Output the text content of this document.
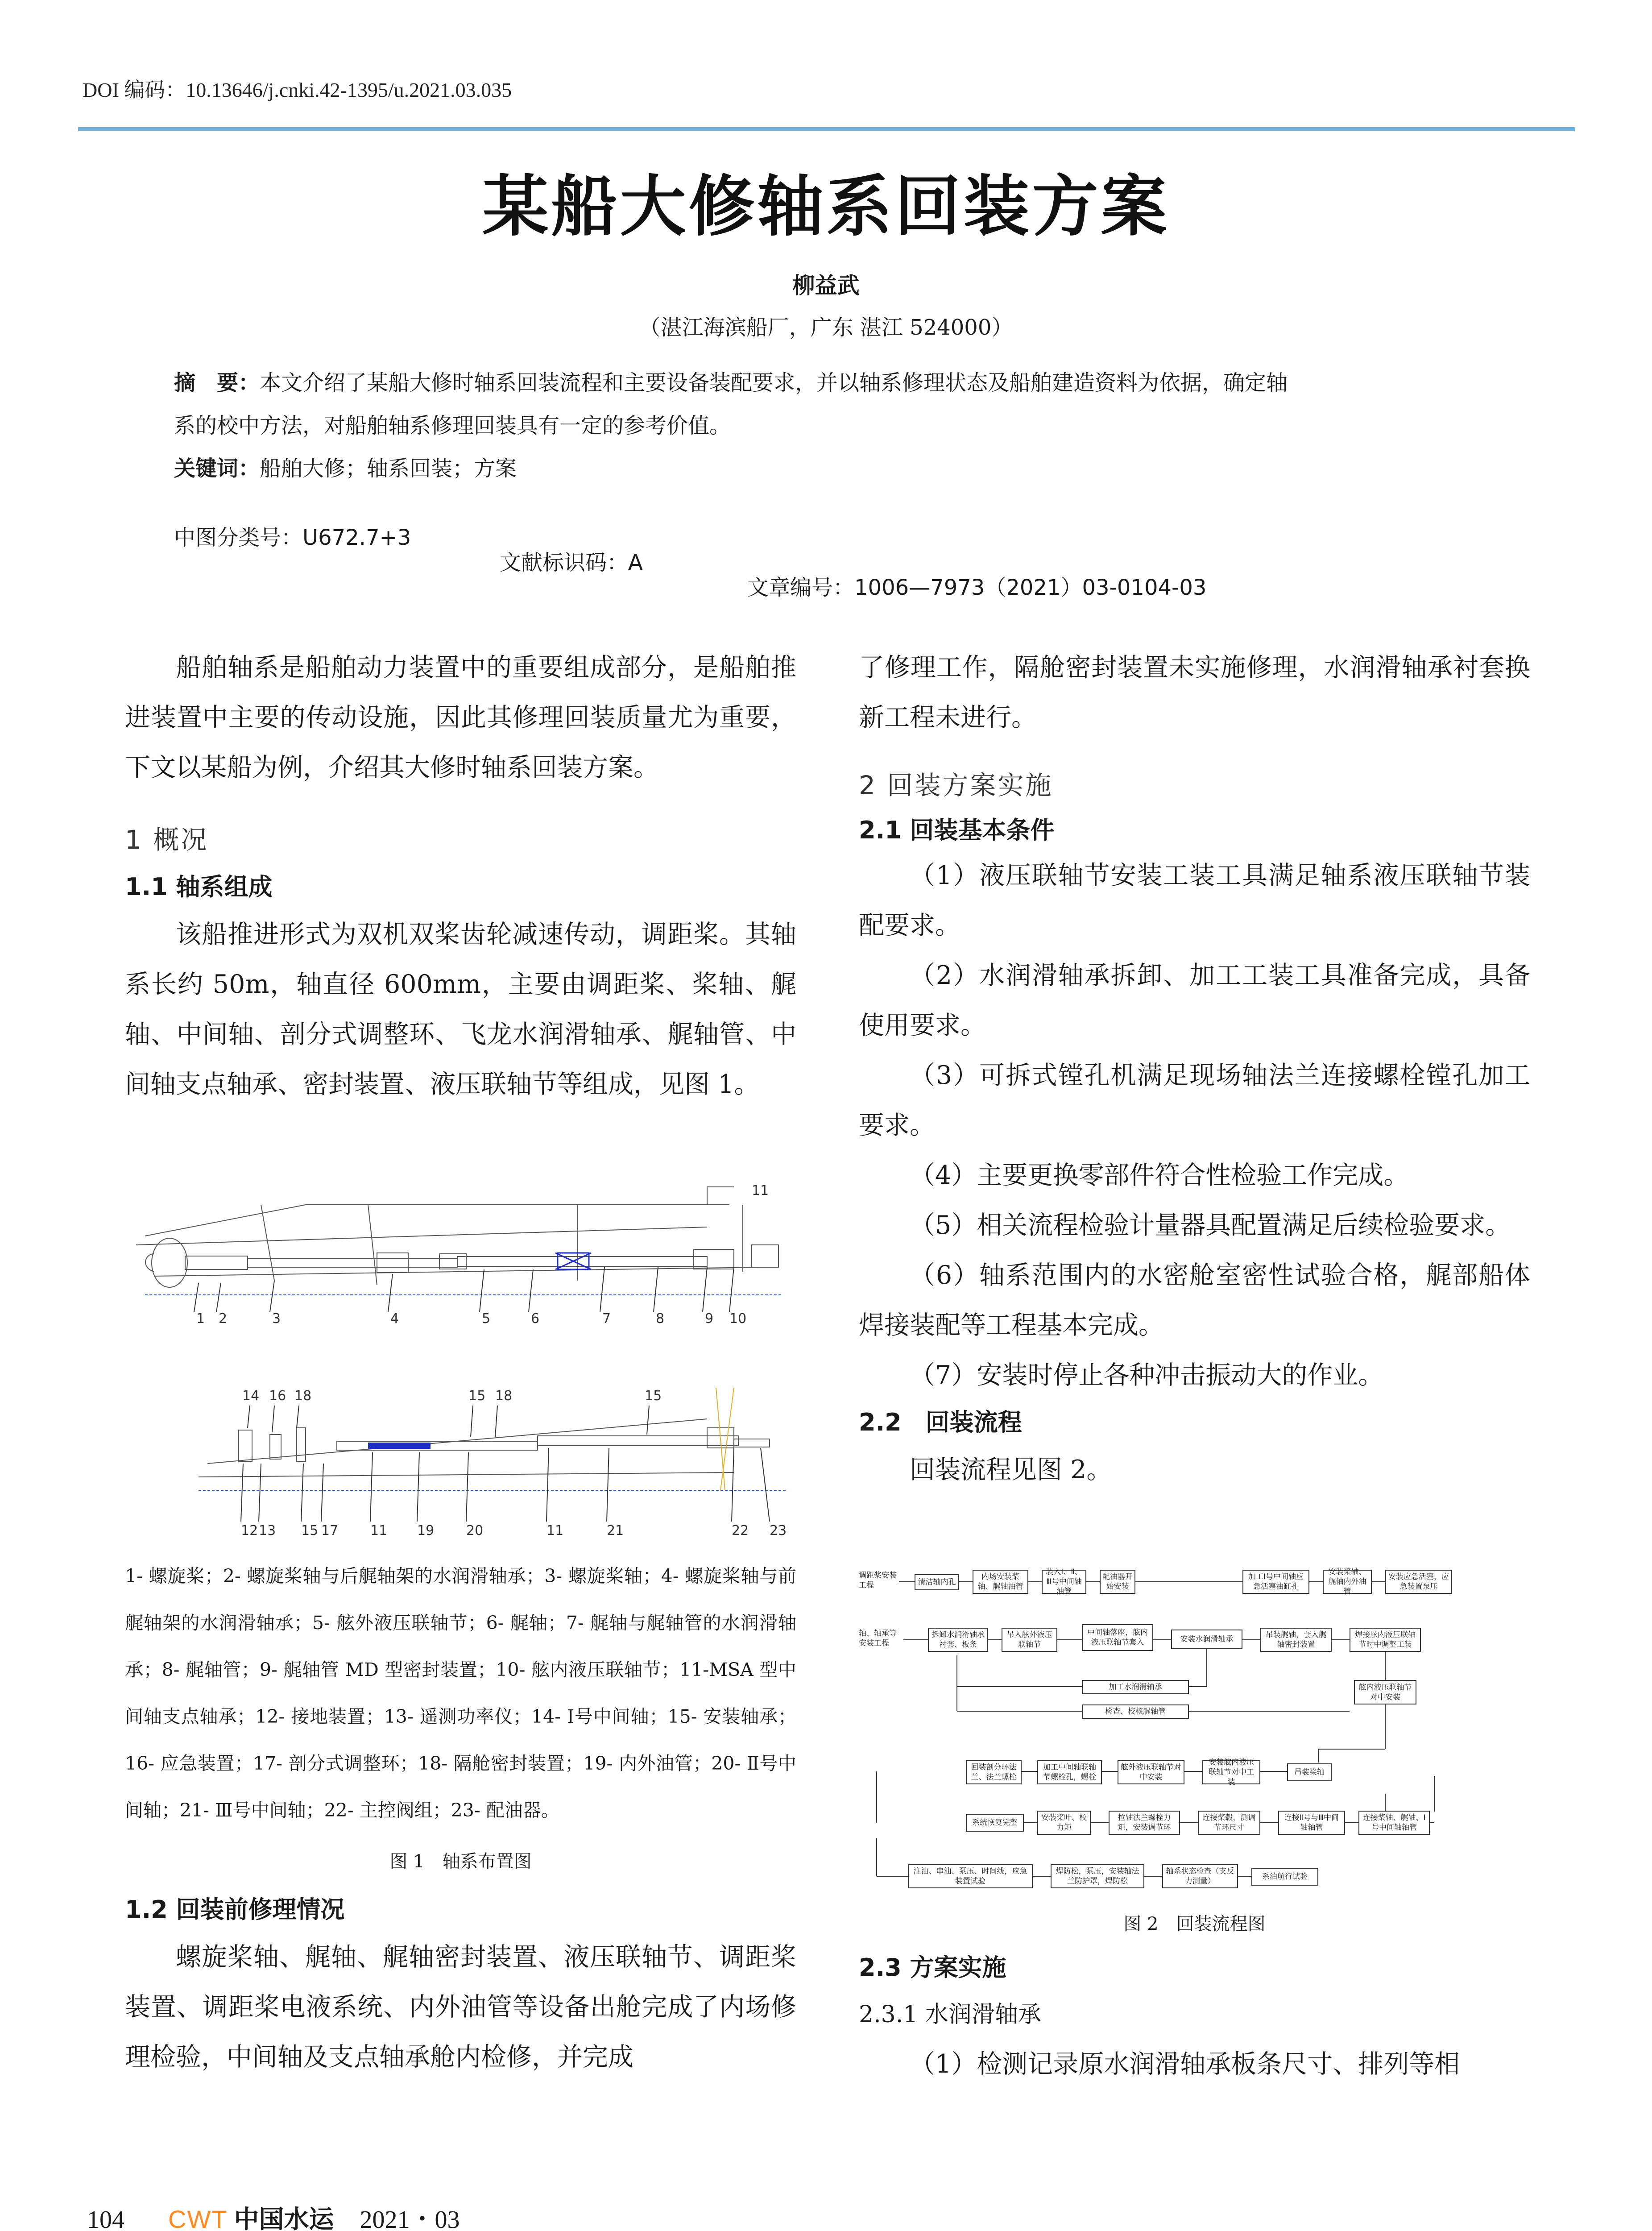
DOI 编码：10.13646/j.cnki.42-1395/u.2021.03.035
某船大修轴系回装方案
柳益武
（湛江海滨船厂，广东 湛江 524000）
摘　要：本文介绍了某船大修时轴系回装流程和主要设备装配要求，并以轴系修理状态及船舶建造资料为依据，确定轴
系的校中方法，对船舶轴系修理回装具有一定的参考价值。
关键词：船舶大修；轴系回装；方案

中图分类号：U672.7+3

文献标识码：A

文章编号：1006—7973（2021）03-0104-03

船舶轴系是船舶动力装置中的重要组成部分，是船舶推进装置中主要的传动设施，因此其修理回装质量尤为重要，下文以某船为例，介绍其大修时轴系回装方案。

1 概况
1.1 轴系组成

该船推进形式为双机双桨齿轮减速传动，调距桨。其轴系长约 50m，轴直径 600mm，主要由调距桨、桨轴、艉轴、中间轴、剖分式调整环、飞龙水润滑轴承、艉轴管、中间轴支点轴承、密封装置、液压联轴节等组成，见图 1。

1 2	3	4	5	6	7	8	9 10
11
14 16 18	15 18	15
12 13 15 17 11 19 20	11	21	22 23
1- 螺旋桨；2- 螺旋桨轴与后艉轴架的水润滑轴承；3- 螺旋桨轴；4- 螺旋桨轴与前艉轴架的水润滑轴承；5- 舷外液压联轴节；6- 艉轴；7- 艉轴与艉轴管的水润滑轴承；8- 艉轴管；9- 艉轴管 MD 型密封装置；10- 舷内液压联轴节；11-MSA 型中间轴支点轴承；12- 接地装置；13- 遥测功率仪；14- Ⅰ号中间轴；15- 安装轴承；16- 应急装置；17- 剖分式调整环；18- 隔舱密封装置；19- 内外油管；20- Ⅱ号中间轴；21- Ⅲ号中间轴；22- 主控阀组；23- 配油器。
图 1　轴系布置图
1.2 回装前修理情况

螺旋桨轴、艉轴、艉轴密封装置、液压联轴节、调距桨装置、调距桨电液系统、内外油管等设备出舱完成了内场修理检验，中间轴及支点轴承舱内检修，并完成

了修理工作，隔舱密封装置未实施修理，水润滑轴承衬套换新工程未进行。

2 回装方案实施
2.1 回装基本条件

（1）液压联轴节安装工装工具满足轴系液压联轴节装配要求。

（2）水润滑轴承拆卸、加工工装工具准备完成，具备使用要求。

（3）可拆式镗孔机满足现场轴法兰连接螺栓镗孔加工要求。

（4）主要更换零部件符合性检验工作完成。

（5）相关流程检验计量器具配置满足后续检验要求。

（6）轴系范围内的水密舱室密性试验合格，艉部船体焊接装配等工程基本完成。

（7）安装时停止各种冲击振动大的作业。

2.2　回装流程

回装流程见图 2。

调距桨安装工程
轴、轴承等安装工程
清洁轴内孔
内场安装桨轴、艉轴油管
装入Ⅰ、Ⅱ、Ⅲ号中间轴油管
配油器开始安装
加工Ⅰ号中间轴应急活塞油缸孔
安装桨轴、艉轴内外油管
安装应急活塞，应急装置泵压
拆卸水润滑轴承衬套、板条
吊入舷外液压联轴节
中间轴落座，舷内液压联轴节套入	安装水润滑轴承	吊装艉轴，套入艉轴密封装置
焊接舷内液压联轴节时中调整工装
加工水润滑轴承
检查、校核艉轴管
舷内液压联轴节对中安装
回装剖分环法兰、法兰螺栓
加工中间轴联轴节螺栓孔，螺栓
舷外液压联轴节对中安装
安装舷内液压联轴节对中工装
吊装桨轴
系统恢复完整
安装桨叶、校力矩
拉轴法兰螺栓力矩，安装调节环
连接桨毂，测调节环尺寸
连接Ⅱ号与Ⅲ中间轴轴管
连接桨轴、艉轴、Ⅰ号中间轴轴管
注油、串油、泵压、时间线，应急装置试验
焊防松，泵压，安装轴法兰防护罩，焊防松
轴系状态检查（支反力测量）	系泊航行试验
图 2　回装流程图
2.3 方案实施
2.3.1 水润滑轴承

（1）检测记录原水润滑轴承板条尺寸、排列等相

104 CWT 中国水运 2021・03
